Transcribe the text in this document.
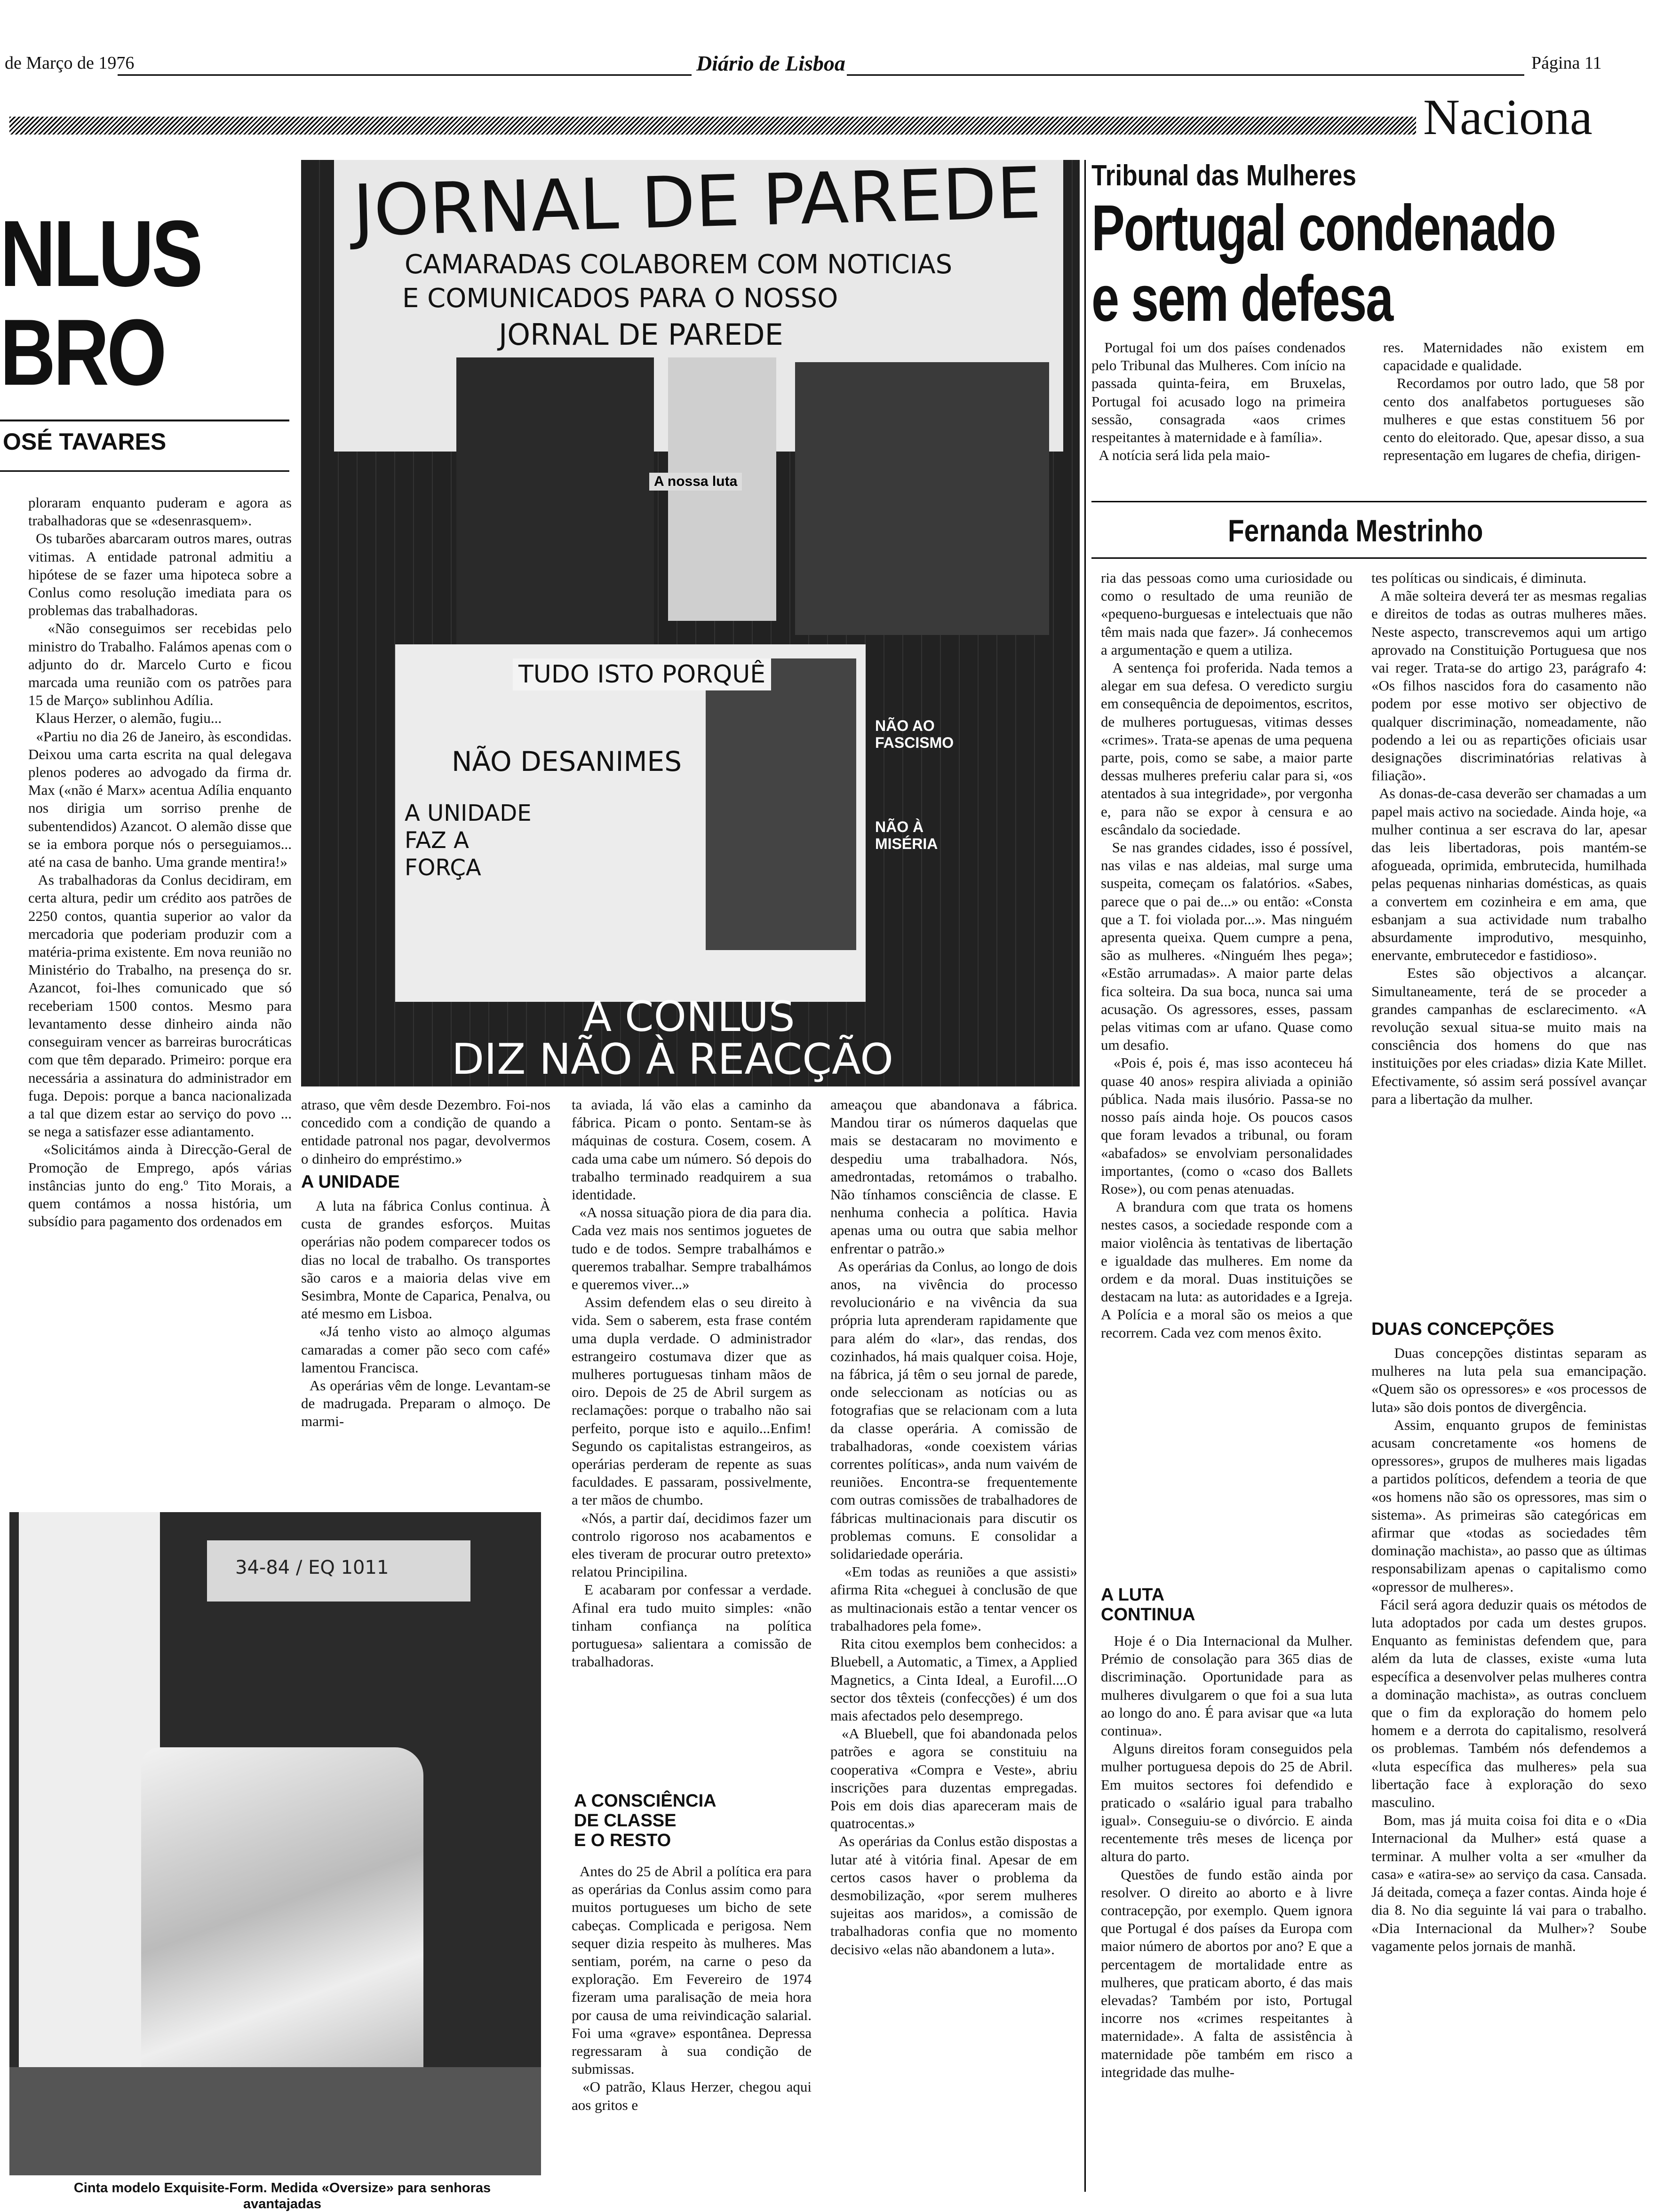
de Março de 1976	Diário de Lisboa	Página 11
Naciona
NLUS
BRO
OSÉ TAVARES
ploraram enquanto puderam e agora as trabalhadoras que se «desenrasquem».
Os tubarões abarcaram outros mares, outras vitimas. A entidade patronal admitiu a hipótese de se fazer uma hipoteca sobre a Conlus como resolução imediata para os problemas das trabalhadoras.
«Não conseguimos ser recebidas pelo ministro do Trabalho. Falámos apenas com o adjunto do dr. Marcelo Curto e ficou marcada uma reunião com os patrões para 15 de Março» sublinhou Adília.
Klaus Herzer, o alemão, fugiu...
«Partiu no dia 26 de Janeiro, às escondidas. Deixou uma carta escrita na qual delegava plenos poderes ao advogado da firma dr. Max («não é Marx» acentua Adília enquanto nos dirigia um sorriso prenhe de subentendidos) Azancot. O alemão disse que se ia embora porque nós o perseguiamos... até na casa de banho. Uma grande mentira!»
As trabalhadoras da Conlus decidiram, em certa altura, pedir um crédito aos patrões de 2250 contos, quantia superior ao valor da mercadoria que poderiam produzir com a matéria-prima existente. Em nova reunião no Ministério do Trabalho, na presença do sr. Azancot, foi-lhes comunicado que só receberiam 1500 contos. Mesmo para levantamento desse dinheiro ainda não conseguiram vencer as barreiras burocráticas com que têm deparado. Primeiro: porque era necessária a assinatura do administrador em fuga. Depois: porque a banca nacionalizada a tal que dizem estar ao serviço do povo ... se nega a satisfazer esse adiantamento.
«Solicitámos ainda à Direcção-Geral de Promoção de Emprego, após várias instâncias junto do eng.º Tito Morais, a quem contámos a nossa história, um subsídio para pagamento dos ordenados em
JORNAL DE PAREDE
CAMARADAS COLABOREM COM NOTICIAS
E COMUNICADOS PARA O NOSSO
JORNAL DE PAREDE
A nossa luta
TUDO ISTO PORQUÊ
NÃO DESANIMES
A UNIDADE FAZ A FORÇA
NÃO AO FASCISMO
NÃO À MISÉRIA
A CONLUS
DIZ NÃO À REACÇÃO
atraso, que vêm desde Dezembro. Foi-nos concedido com a condição de quando a entidade patronal nos pagar, devolvermos o dinheiro do empréstimo.»
A UNIDADE
A luta na fábrica Conlus continua. À custa de grandes esforços. Muitas operárias não podem comparecer todos os dias no local de trabalho. Os transportes são caros e a maioria delas vive em Sesimbra, Monte de Caparica, Penalva, ou até mesmo em Lisboa.
«Já tenho visto ao almoço algumas camaradas a comer pão seco com café» lamentou Francisca.
As operárias vêm de longe. Levantam-se de madrugada. Preparam o almoço. De marmi-
ta aviada, lá vão elas a caminho da fábrica. Picam o ponto. Sentam-se às máquinas de costura. Cosem, cosem. A cada uma cabe um número. Só depois do trabalho terminado readquirem a sua identidade.
«A nossa situação piora de dia para dia. Cada vez mais nos sentimos joguetes de tudo e de todos. Sempre trabalhámos e queremos trabalhar. Sempre trabalhámos e queremos viver...»
Assim defendem elas o seu direito à vida. Sem o saberem, esta frase contém uma dupla verdade. O administrador estrangeiro costumava dizer que as mulheres portuguesas tinham mãos de oiro. Depois de 25 de Abril surgem as reclamações: porque o trabalho não sai perfeito, porque isto e aquilo...Enfim! Segundo os capitalistas estrangeiros, as operárias perderam de repente as suas faculdades. E passaram, possivelmente, a ter mãos de chumbo.
«Nós, a partir daí, decidimos fazer um controlo rigoroso nos acabamentos e eles tiveram de procurar outro pretexto» relatou Principilina.
E acabaram por confessar a verdade. Afinal era tudo muito simples: «não tinham confiança na política portuguesa» salientara a comissão de trabalhadoras.
A CONSCIÊNCIA
DE CLASSE
E O RESTO
Antes do 25 de Abril a política era para as operárias da Conlus assim como para muitos portugueses um bicho de sete cabeças. Complicada e perigosa. Nem sequer dizia respeito às mulheres. Mas sentiam, porém, na carne o peso da exploração. Em Fevereiro de 1974 fizeram uma paralisação de meia hora por causa de uma reivindicação salarial. Foi uma «grave» espontânea. Depressa regressaram à sua condição de submissas.
«O patrão, Klaus Herzer, chegou aqui aos gritos e
ameaçou que abandonava a fábrica. Mandou tirar os números daquelas que mais se destacaram no movimento e despediu uma trabalhadora. Nós, amedrontadas, retomámos o trabalho. Não tínhamos consciência de classe. E nenhuma conhecia a política. Havia apenas uma ou outra que sabia melhor enfrentar o patrão.»
As operárias da Conlus, ao longo de dois anos, na vivência do processo revolucionário e na vivência da sua própria luta aprenderam rapidamente que para além do «lar», das rendas, dos cozinhados, há mais qualquer coisa. Hoje, na fábrica, já têm o seu jornal de parede, onde seleccionam as notícias ou as fotografias que se relacionam com a luta da classe operária. A comissão de trabalhadoras, «onde coexistem várias correntes políticas», anda num vaivém de reuniões. Encontra-se frequentemente com outras comissões de trabalhadores de fábricas multinacionais para discutir os problemas comuns. E consolidar a solidariedade operária.
«Em todas as reuniões a que assisti» afirma Rita «cheguei à conclusão de que as multinacionais estão a tentar vencer os trabalhadores pela fome».
Rita citou exemplos bem conhecidos: a Bluebell, a Automatic, a Timex, a Applied Magnetics, a Cinta Ideal, a Eurofil....O sector dos têxteis (confecções) é um dos mais afectados pelo desemprego.
«A Bluebell, que foi abandonada pelos patrões e agora se constituiu na cooperativa «Compra e Veste», abriu inscrições para duzentas empregadas. Pois em dois dias apareceram mais de quatrocentas.»
As operárias da Conlus estão dispostas a lutar até à vitória final. Apesar de em certos casos haver o problema da desmobilização, «por serem mulheres sujeitas aos maridos», a comissão de trabalhadoras confia que no momento decisivo «elas não abandonem a luta».
34-84 / EQ 1011
Cinta modelo Exquisite-Form. Medida «Oversize» para senhoras avantajadas
Tribunal das Mulheres
Portugal condenado
e sem defesa
Portugal foi um dos países condenados pelo Tribunal das Mulheres. Com início na passada quinta-feira, em Bruxelas, Portugal foi acusado logo na primeira sessão, consagrada «aos crimes respeitantes à maternidade e à família».
A notícia será lida pela maio-
res. Maternidades não existem em capacidade e qualidade.
Recordamos por outro lado, que 58 por cento dos analfabetos portugueses são mulheres e que estas constituem 56 por cento do eleitorado. Que, apesar disso, a sua representação em lugares de chefia, dirigen-
Fernanda Mestrinho
ria das pessoas como uma curiosidade ou como o resultado de uma reunião de «pequeno-burguesas e intelectuais que não têm mais nada que fazer». Já conhecemos a argumentação e quem a utiliza.
A sentença foi proferida. Nada temos a alegar em sua defesa. O veredicto surgiu em consequência de depoimentos, escritos, de mulheres portuguesas, vitimas desses «crimes». Trata-se apenas de uma pequena parte, pois, como se sabe, a maior parte dessas mulheres preferiu calar para si, «os atentados à sua integridade», por vergonha e, para não se expor à censura e ao escândalo da sociedade.
Se nas grandes cidades, isso é possível, nas vilas e nas aldeias, mal surge uma suspeita, começam os falatórios. «Sabes, parece que o pai de...» ou então: «Consta que a T. foi violada por...». Mas ninguém apresenta queixa. Quem cumpre a pena, são as mulheres. «Ninguém lhes pega»; «Estão arrumadas». A maior parte delas fica solteira. Da sua boca, nunca sai uma acusação. Os agressores, esses, passam pelas vitimas com ar ufano. Quase como um desafio.
«Pois é, pois é, mas isso aconteceu há quase 40 anos» respira aliviada a opinião pública. Nada mais ilusório. Passa-se no nosso país ainda hoje. Os poucos casos que foram levados a tribunal, ou foram «abafados» se envolviam personalidades importantes, (como o «caso dos Ballets Rose»), ou com penas atenuadas.
A brandura com que trata os homens nestes casos, a sociedade responde com a maior violência às tentativas de libertação e igualdade das mulheres. Em nome da ordem e da moral. Duas instituições se destacam na luta: as autoridades e a Igreja. A Polícia e a moral são os meios a que recorrem. Cada vez com menos êxito.
A LUTA
CONTINUA
Hoje é o Dia Internacional da Mulher. Prémio de consolação para 365 dias de discriminação. Oportunidade para as mulheres divulgarem o que foi a sua luta ao longo do ano. É para avisar que «a luta continua».
Alguns direitos foram conseguidos pela mulher portuguesa depois do 25 de Abril. Em muitos sectores foi defendido e praticado o «salário igual para trabalho igual». Conseguiu-se o divórcio. E ainda recentemente três meses de licença por altura do parto.
Questões de fundo estão ainda por resolver. O direito ao aborto e à livre contracepção, por exemplo. Quem ignora que Portugal é dos países da Europa com maior número de abortos por ano? E que a percentagem de mortalidade entre as mulheres, que praticam aborto, é das mais elevadas? Também por isto, Portugal incorre nos «crimes respeitantes à maternidade». A falta de assistência à maternidade põe também em risco a integridade das mulhe-
tes políticas ou sindicais, é diminuta.
A mãe solteira deverá ter as mesmas regalias e direitos de todas as outras mulheres mães. Neste aspecto, transcrevemos aqui um artigo aprovado na Constituição Portuguesa que nos vai reger. Trata-se do artigo 23, parágrafo 4: «Os filhos nascidos fora do casamento não podem por esse motivo ser objectivo de qualquer discriminação, nomeadamente, não podendo a lei ou as repartições oficiais usar designações discriminatórias relativas à filiação».
As donas-de-casa deverão ser chamadas a um papel mais activo na sociedade. Ainda hoje, «a mulher continua a ser escrava do lar, apesar das leis libertadoras, pois mantém-se afogueada, oprimida, embrutecida, humilhada pelas pequenas ninharias domésticas, as quais a convertem em cozinheira e em ama, que esbanjam a sua actividade num trabalho absurdamente improdutivo, mesquinho, enervante, embrutecedor e fastidioso».
Estes são objectivos a alcançar. Simultaneamente, terá de se proceder a grandes campanhas de esclarecimento. «A revolução sexual situa-se muito mais na consciência dos homens do que nas instituições por eles criadas» dizia Kate Millet. Efectivamente, só assim será possível avançar para a libertação da mulher.
DUAS CONCEPÇÕES
Duas concepções distintas separam as mulheres na luta pela sua emancipação. «Quem são os opressores» e «os processos de luta» são dois pontos de divergência.
Assim, enquanto grupos de feministas acusam concretamente «os homens de opressores», grupos de mulheres mais ligadas a partidos políticos, defendem a teoria de que «os homens não são os opressores, mas sim o sistema». As primeiras são categóricas em afirmar que «todas as sociedades têm dominação machista», ao passo que as últimas responsabilizam apenas o capitalismo como «opressor de mulheres».
Fácil será agora deduzir quais os métodos de luta adoptados por cada um destes grupos. Enquanto as feministas defendem que, para além da luta de classes, existe «uma luta específica a desenvolver pelas mulheres contra a dominação machista», as outras concluem que o fim da exploração do homem pelo homem e a derrota do capitalismo, resolverá os problemas. Também nós defendemos a «luta específica das mulheres» pela sua libertação face à exploração do sexo masculino.
Bom, mas já muita coisa foi dita e o «Dia Internacional da Mulher» está quase a terminar. A mulher volta a ser «mulher da casa» e «atira-se» ao serviço da casa. Cansada. Já deitada, começa a fazer contas. Ainda hoje é dia 8. No dia seguinte lá vai para o trabalho. «Dia Internacional da Mulher»? Soube vagamente pelos jornais de manhã.
